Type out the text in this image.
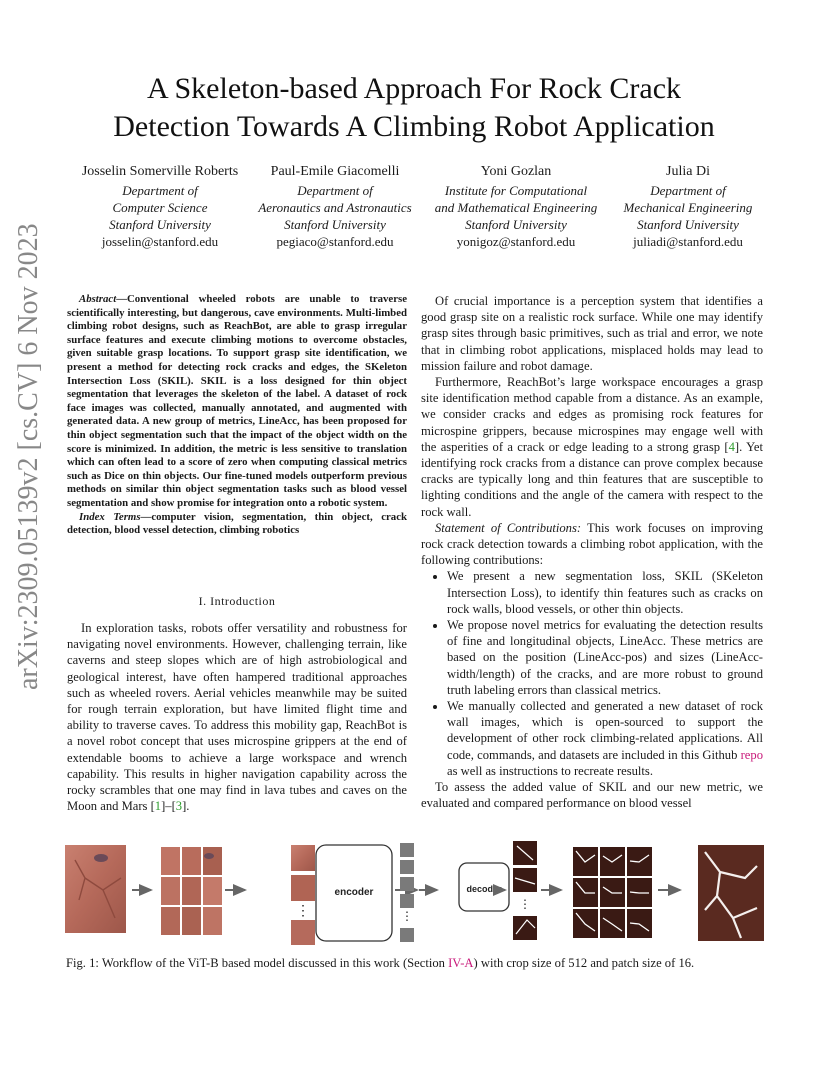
A Skeleton-based Approach For Rock Crack
Detection Towards A Climbing Robot Application
Josselin Somerville Roberts
Department of
Computer Science
Stanford University
josselin@stanford.edu
Paul-Emile Giacomelli
Department of
Aeronautics and Astronautics
Stanford University
pegiaco@stanford.edu
Yoni Gozlan
Institute for Computational
and Mathematical Engineering
Stanford University
yonigoz@stanford.edu
Julia Di
Department of
Mechanical Engineering
Stanford University
juliadi@stanford.edu
arXiv:2309.05139v2 [cs.CV] 6 Nov 2023	Abstract—Conventional wheeled robots are unable to traverse scientifically interesting, but dangerous, cave environments. Multi-limbed climbing robot designs, such as ReachBot, are able to grasp irregular surface features and execute climbing motions to overcome obstacles, given suitable grasp locations. To support grasp site identification, we present a method for detecting rock cracks and edges, the SKeleton Intersection Loss (SKIL). SKIL is a loss designed for thin object segmentation that leverages the skeleton of the label. A dataset of rock face images was collected, manually annotated, and augmented with generated data. A new group of metrics, LineAcc, has been proposed for thin object segmentation such that the impact of the object width on the score is minimized. In addition, the metric is less sensitive to translation which can often lead to a score of zero when computing classical metrics such as Dice on thin objects. Our fine-tuned models outperform previous methods on similar thin object segmentation tasks such as blood vessel segmentation and show promise for integration onto a robotic system.
Index Terms—computer vision, segmentation, thin object, crack detection, blood vessel detection, climbing robotics
I. Introduction

In exploration tasks, robots offer versatility and robustness for navigating novel environments. However, challenging terrain, like caverns and steep slopes which are of high astrobiological and geological interest, have often hampered traditional approaches such as wheeled rovers. Aerial vehicles meanwhile may be suited for rough terrain exploration, but have limited flight time and ability to traverse caves. To address this mobility gap, ReachBot is a novel robot concept that uses microspine grippers at the end of extendable booms to achieve a large workspace and wrench capability. This results in higher navigation capability across the rocky scrambles that one may find in lava tubes and caves on the Moon and Mars [1]–[3].

Of crucial importance is a perception system that identifies a good grasp site on a realistic rock surface. While one may identify grasp sites through basic primitives, such as trial and error, we note that in climbing robot applications, misplaced holds may lead to mission failure and robot damage.

Furthermore, ReachBot’s large workspace encourages a grasp site identification method capable from a distance. As an example, we consider cracks and edges as promising rock features for microspine grippers, because microspines may engage well with the asperities of a crack or edge leading to a strong grasp [4]. Yet identifying rock cracks from a distance can prove complex because cracks are typically long and thin features that are susceptible to lighting conditions and the angle of the camera with respect to the rock wall.

Statement of Contributions: This work focuses on improving rock crack detection towards a climbing robot application, with the following contributions:

• We present a new segmentation loss, SKIL (SKeleton Intersection Loss), to identify thin features such as cracks on rock walls, blood vessels, or other thin objects.
• We propose novel metrics for evaluating the detection results of fine and longitudinal objects, LineAcc. These metrics are based on the position (LineAcc-pos) and sizes (LineAcc-width/length) of the cracks, and are more robust to ground truth labeling errors than classical metrics.
• We manually collected and generated a new dataset of rock wall images, which is open-sourced to support the development of other rock climbing-related applications. All code, commands, and datasets are included in this Github repo as well as instructions to recreate results.

To assess the added value of SKIL and our new metric, we evaluated and compared performance on blood vessel

⋮
encoder
⋮
decoder
⋮
Fig. 1: Workflow of the ViT-B based model discussed in this work (Section IV-A) with crop size of 512 and patch size of 16.
